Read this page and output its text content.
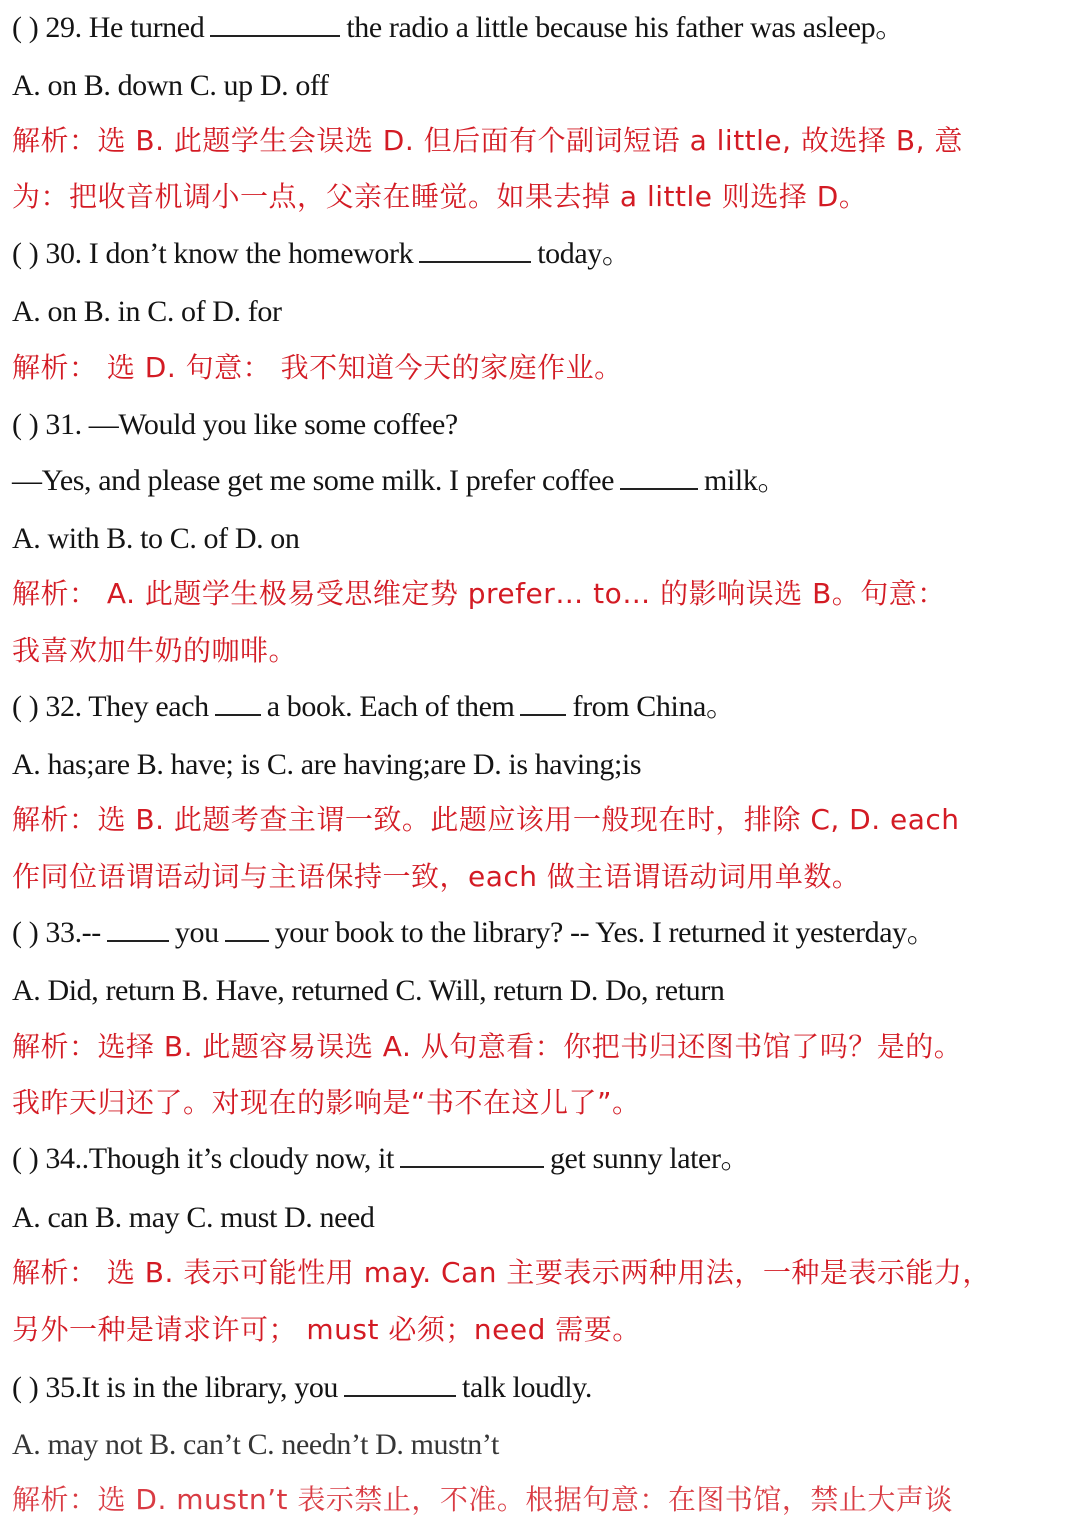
( ) 29. He turned	the radio a little because his father was asleep。
A. on B. down C. up D. off
解析：选 B. 此题学生会误选 D. 但后面有个副词短语 a little, 故选择 B, 意
为：把收音机调小一点，父亲在睡觉。如果去掉 a little 则选择 D。
( ) 30. I don’t know the homework	today。
A. on B. in C. of D. for
解析： 选 D. 句意： 我不知道今天的家庭作业。
( ) 31. —Would you like some coffee?
—Yes, and please get me some milk. I prefer coffee	milk。
A. with B. to C. of D. on
解析： A. 此题学生极易受思维定势 prefer… to… 的影响误选 B。句意：
我喜欢加牛奶的咖啡。
( ) 32. They each a book. Each of them from China。
A. has;are B. have; is C. are having;are D. is having;is
解析：选 B. 此题考查主谓一致。此题应该用一般现在时，排除 C, D. each
作同位语谓语动词与主语保持一致，each 做主语谓语动词用单数。
( ) 33.-- you your book to the library? -- Yes. I returned it yesterday。
A. Did, return B. Have, returned C. Will, return D. Do, return
解析：选择 B. 此题容易误选 A. 从句意看：你把书归还图书馆了吗？是的。
我昨天归还了。对现在的影响是“书不在这儿了”。
( ) 34..Though it’s cloudy now, it	get sunny later。
A. can B. may C. must D. need
解析： 选 B. 表示可能性用 may. Can 主要表示两种用法，一种是表示能力，
另外一种是请求许可； must 必须；need 需要。
( ) 35.It is in the library, you	talk loudly.
A. may not B. can’t C. needn’t D. mustn’t
解析：选 D. mustn’t 表示禁止，不准。根据句意：在图书馆，禁止大声谈
